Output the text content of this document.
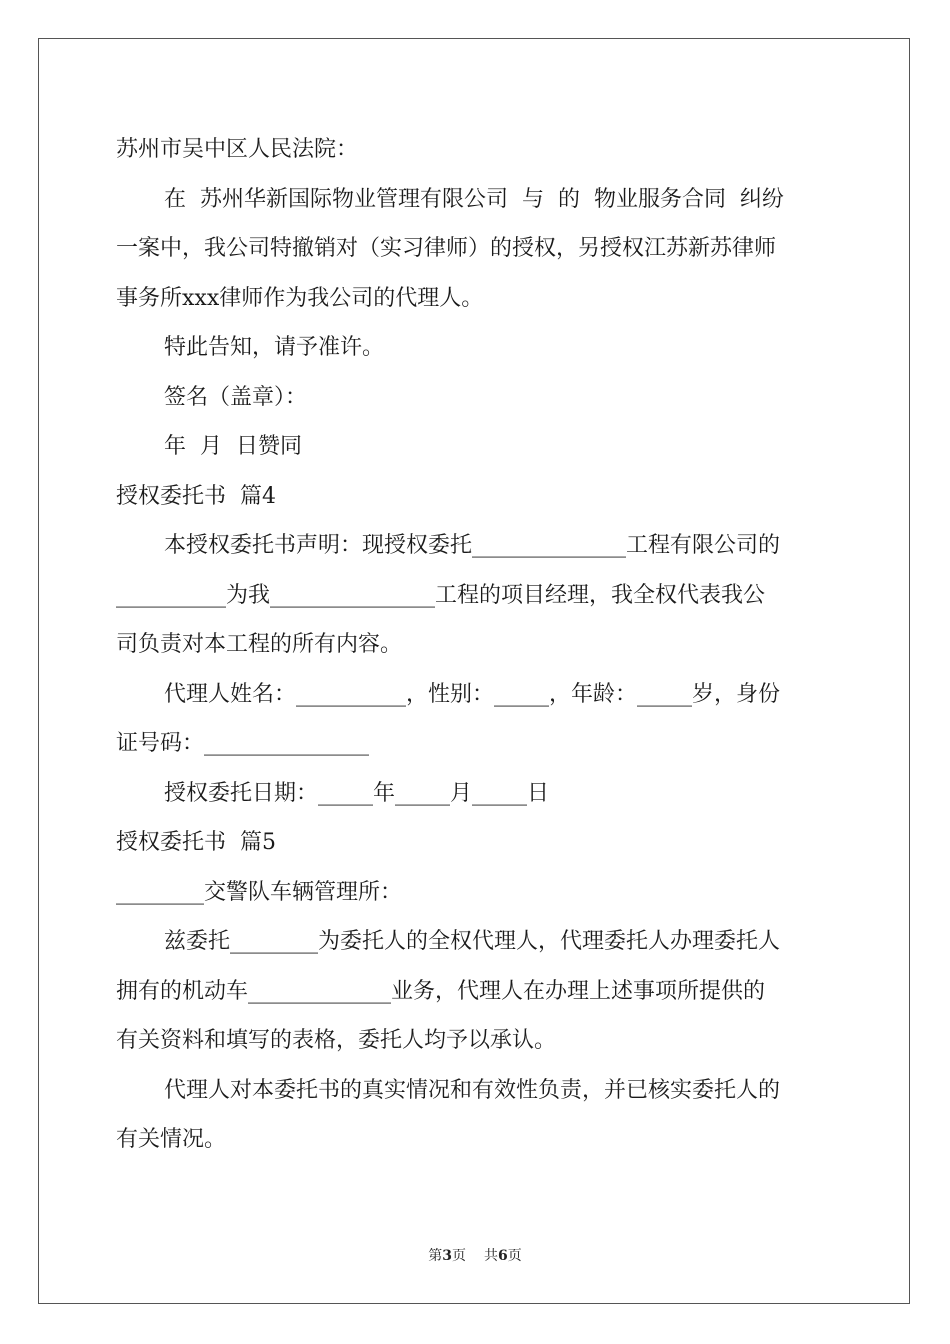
苏州市吴中区人民法院：
在  苏州华新国际物业管理有限公司  与  的  物业服务合同  纠纷
一案中，我公司特撤销对（实习律师）的授权，另授权江苏新苏律师
事务所xxx律师作为我公司的代理人。
特此告知，请予准许。
签名（盖章）：
年  月  日赞同
授权委托书  篇4
本授权委托书声明：现授权委托______________工程有限公司的
__________为我_______________工程的项目经理，我全权代表我公
司负责对本工程的所有内容。
代理人姓名：__________，性别：_____，年龄：_____岁，身份
证号码：_______________
授权委托日期：_____年_____月_____日
授权委托书  篇5
________交警队车辆管理所：
兹委托________为委托人的全权代理人，代理委托人办理委托人
拥有的机动车_____________业务，代理人在办理上述事项所提供的
有关资料和填写的表格，委托人均予以承认。
代理人对本委托书的真实情况和有效性负责，并已核实委托人的
有关情况。
第3页 共6页
